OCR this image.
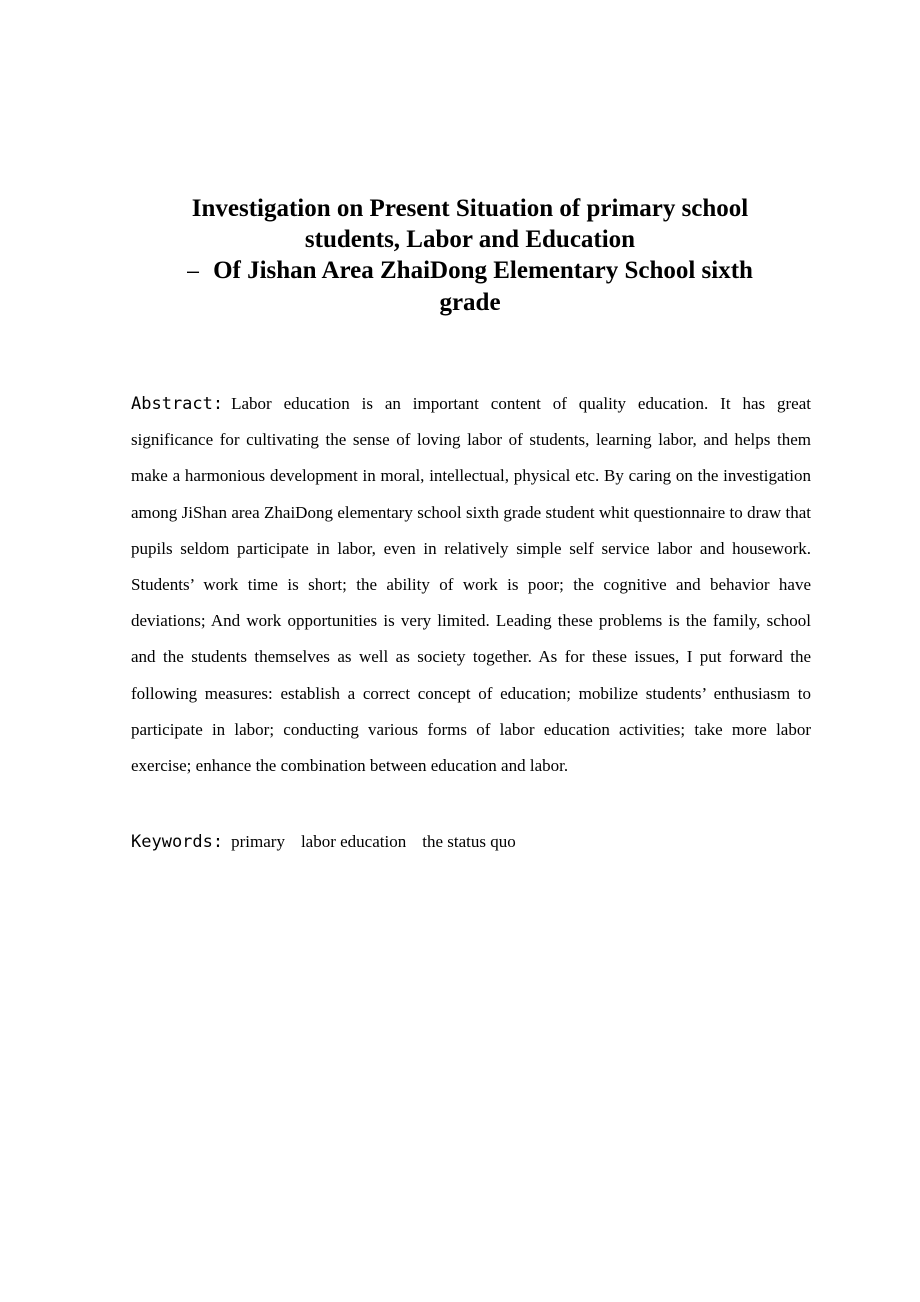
Investigation on Present Situation of primary school
students, Labor and Education
– Of Jishan Area ZhaiDong Elementary School sixth
grade
Abstract: Labor education is an important content of quality education. It has great significance for cultivating the sense of loving labor of students, learning labor, and helps them make a harmonious development in moral, intellectual, physical etc. By caring on the investigation among JiShan area ZhaiDong elementary school sixth grade student whit questionnaire to draw that pupils seldom participate in labor, even in relatively simple self service labor and housework. Students’ work time is short; the ability of work is poor; the cognitive and behavior have deviations; And work opportunities is very limited. Leading these problems is the family, school and the students themselves as well as society together. As for these issues, I put forward the following measures: establish a correct concept of education; mobilize students’ enthusiasm to participate in labor; conducting various forms of labor education activities; take more labor exercise; enhance the combination between education and labor.
Keywords: primary labor education the status quo
